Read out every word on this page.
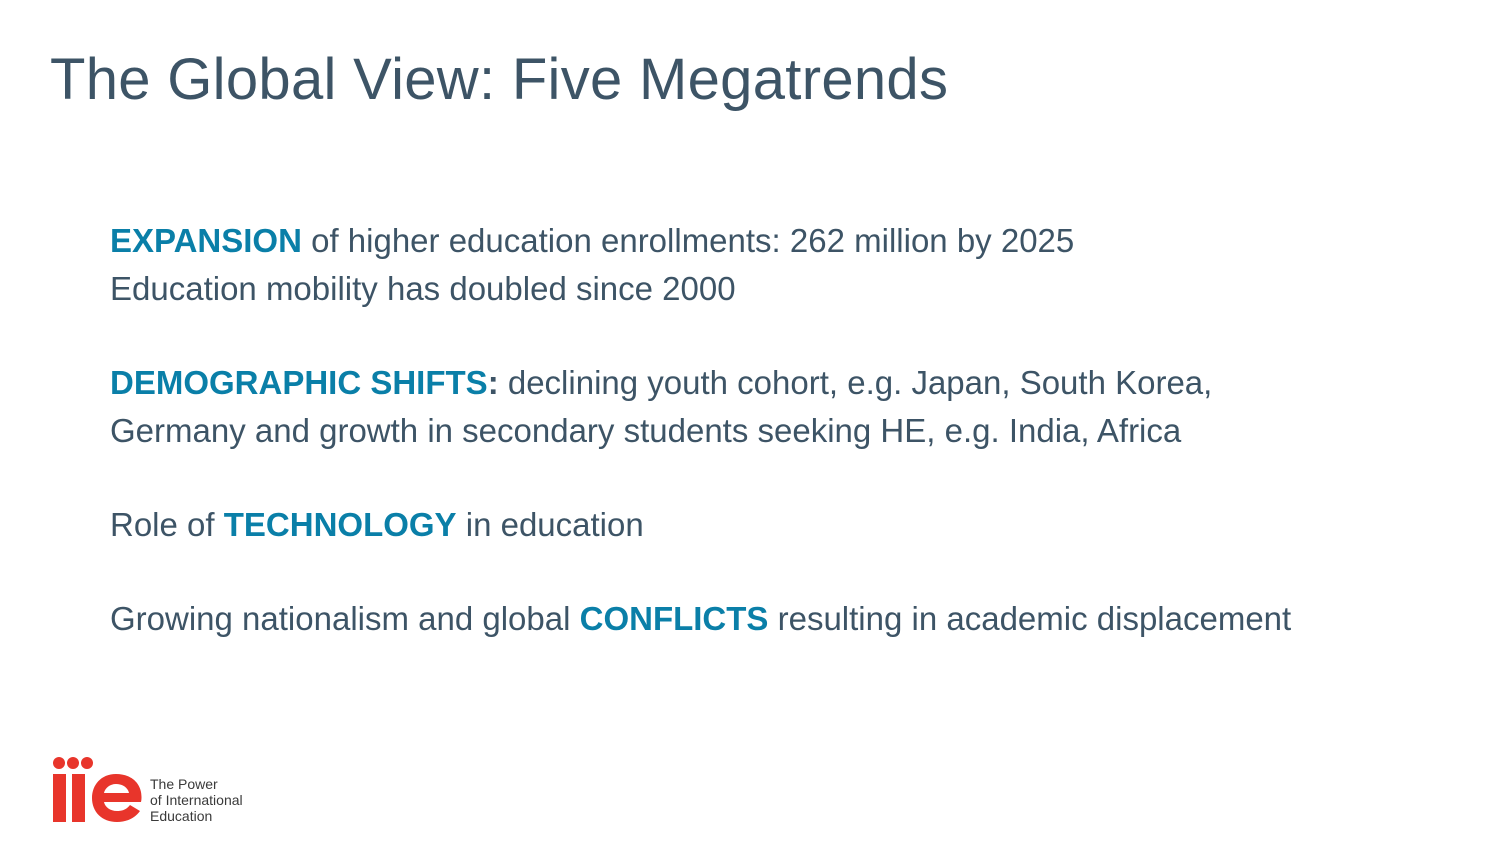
The Global View: Five Megatrends

EXPANSION of higher education enrollments: 262 million by 2025
Education mobility has doubled since 2000

DEMOGRAPHIC SHIFTS: declining youth cohort, e.g. Japan, South Korea,
Germany and growth in secondary students seeking HE, e.g. India, Africa

Role of TECHNOLOGY in education

Growing nationalism and global CONFLICTS resulting in academic displacement

The Power
of International
Education
